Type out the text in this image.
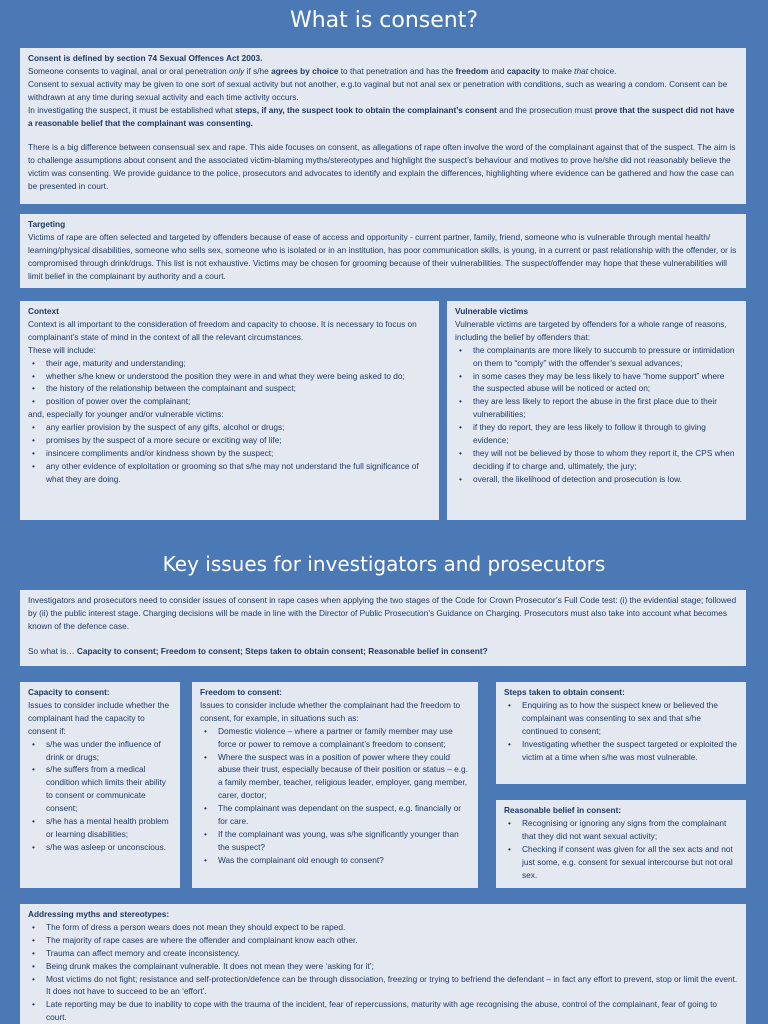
What is consent?

Consent is defined by section 74 Sexual Offences Act 2003.
Someone consents to vaginal, anal or oral penetration only if s/he agrees by choice to that penetration and has the freedom and capacity to make that choice.
Consent to sexual activity may be given to one sort of sexual activity but not another, e.g.to vaginal but not anal sex or penetration with conditions, such as wearing a condom. Consent can be withdrawn at any time during sexual activity and each time activity occurs.
In investigating the suspect, it must be established what steps, if any, the suspect took to obtain the complainant’s consent and the prosecution must prove that the suspect did not have a reasonable belief that the complainant was consenting.

There is a big difference between consensual sex and rape. This aide focuses on consent, as allegations of rape often involve the word of the complainant against that of the suspect. The aim is to challenge assumptions about consent and the associated victim-blaming myths/stereotypes and highlight the suspect’s behaviour and motives to prove he/she did not reasonably believe the victim was consenting. We provide guidance to the police, prosecutors and advocates to identify and explain the differences, highlighting where evidence can be gathered and how the case can be presented in court.

Targeting

Victims of rape are often selected and targeted by offenders because of ease of access and opportunity - current partner, family, friend, someone who is vulnerable through mental health/ learning/physical disabilities, someone who sells sex, someone who is isolated or in an institution, has poor communication skills, is young, in a current or past relationship with the offender, or is compromised through drink/drugs. This list is not exhaustive. Victims may be chosen for grooming because of their vulnerabilities. The suspect/offender may hope that these vulnerabilities will limit belief in the complainant by authority and a court.

Context

Context is all important to the consideration of freedom and capacity to choose. It is necessary to focus on complainant’s state of mind in the context of all the relevant circumstances.

These will include:

• their age, maturity and understanding;
• whether s/he knew or understood the position they were in and what they were being asked to do;
• the history of the relationship between the complainant and suspect;
• position of power over the complainant;

and, especially for younger and/or vulnerable victims:

• any earlier provision by the suspect of any gifts, alcohol or drugs;
• promises by the suspect of a more secure or exciting way of life;
• insincere compliments and/or kindness shown by the suspect;
• any other evidence of exploitation or grooming so that s/he may not understand the full significance of what they are doing.
Vulnerable victims

Vulnerable victims are targeted by offenders for a whole range of reasons, including the belief by offenders that:

• the complainants are more likely to succumb to pressure or intimidation on them to “comply” with the offender’s sexual advances;
• in some cases they may be less likely to have “home support” where the suspected abuse will be noticed or acted on;
• they are less likely to report the abuse in the first place due to their vulnerabilities;
• if they do report, they are less likely to follow it through to giving evidence;
• they will not be believed by those to whom they report it, the CPS when deciding if to charge and, ultimately, the jury;
• overall, the likelihood of detection and prosecution is low.
Key issues for investigators and prosecutors

Investigators and prosecutors need to consider issues of consent in rape cases when applying the two stages of the Code for Crown Prosecutor’s Full Code test: (i) the evidential stage; followed by (ii) the public interest stage. Charging decisions will be made in line with the Director of Public Prosecution’s Guidance on Charging. Prosecutors must also take into account what becomes known of the defence case.

So what is… Capacity to consent; Freedom to consent; Steps taken to obtain consent; Reasonable belief in consent?

Capacity to consent:

Issues to consider include whether the complainant had the capacity to consent if:

• s/he was under the influence of drink or drugs;
• s/he suffers from a medical condition which limits their ability to consent or communicate consent;
• s/he has a mental health problem or learning disabilities;
• s/he was asleep or unconscious.
Freedom to consent:

Issues to consider include whether the complainant had the freedom to consent, for example, in situations such as:

• Domestic violence – where a partner or family member may use force or power to remove a complainant’s freedom to consent;
• Where the suspect was in a position of power where they could abuse their trust, especially because of their position or status – e.g. a family member, teacher, religious leader, employer, gang member, carer, doctor;
• The complainant was dependant on the suspect, e.g. financially or for care.
• If the complainant was young, was s/he significantly younger than the suspect?
• Was the complainant old enough to consent?
Steps taken to obtain consent:
• Enquiring as to how the suspect knew or believed the complainant was consenting to sex and that s/he continued to consent;
• Investigating whether the suspect targeted or exploited the victim at a time when s/he was most vulnerable.
Reasonable belief in consent:
• Recognising or ignoring any signs from the complainant that they did not want sexual activity;
• Checking if consent was given for all the sex acts and not just some, e.g. consent for sexual intercourse but not oral sex.
Addressing myths and stereotypes:
• The form of dress a person wears does not mean they should expect to be raped.
• The majority of rape cases are where the offender and complainant know each other.
• Trauma can affect memory and create inconsistency.
• Being drunk makes the complainant vulnerable. It does not mean they were ‘asking for it’;
• Most victims do not fight; resistance and self-protection/defence can be through dissociation, freezing or trying to befriend the defendant – in fact any effort to prevent, stop or limit the event. It does not have to succeed to be an ‘effort’.
• Late reporting may be due to inability to cope with the trauma of the incident, fear of repercussions, maturity with age recognising the abuse, control of the complainant, fear of going to court.
